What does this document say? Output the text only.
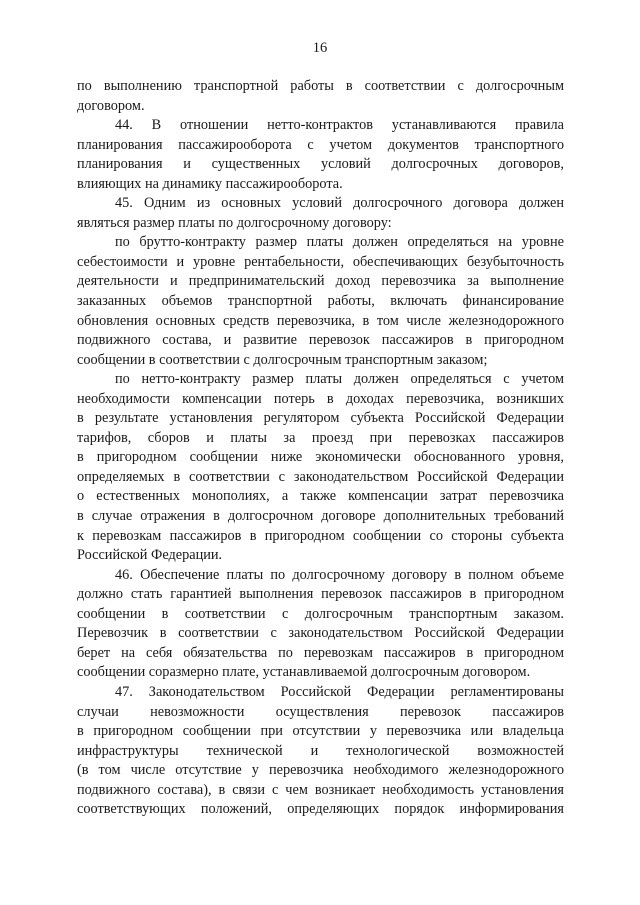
16
по выполнению транспортной работы в соответствии с долгосрочным
договором.
44. В отношении нетто-контрактов устанавливаются правила
планирования пассажирооборота с учетом документов транспортного
планирования и существенных условий долгосрочных договоров,
влияющих на динамику пассажирооборота.
45. Одним из основных условий долгосрочного договора должен
являться размер платы по долгосрочному договору:
по брутто-контракту размер платы должен определяться на уровне
себестоимости и уровне рентабельности, обеспечивающих безубыточность
деятельности и предпринимательский доход перевозчика за выполнение
заказанных объемов транспортной работы, включать финансирование
обновления основных средств перевозчика, в том числе железнодорожного
подвижного состава, и развитие перевозок пассажиров в пригородном
сообщении в соответствии с долгосрочным транспортным заказом;
по нетто-контракту размер платы должен определяться с учетом
необходимости компенсации потерь в доходах перевозчика, возникших
в результате установления регулятором субъекта Российской Федерации
тарифов, сборов и платы за проезд при перевозках пассажиров
в пригородном сообщении ниже экономически обоснованного уровня,
определяемых в соответствии с законодательством Российской Федерации
о естественных монополиях, а также компенсации затрат перевозчика
в случае отражения в долгосрочном договоре дополнительных требований
к перевозкам пассажиров в пригородном сообщении со стороны субъекта
Российской Федерации.
46. Обеспечение платы по долгосрочному договору в полном объеме
должно стать гарантией выполнения перевозок пассажиров в пригородном
сообщении в соответствии с долгосрочным транспортным заказом.
Перевозчик в соответствии с законодательством Российской Федерации
берет на себя обязательства по перевозкам пассажиров в пригородном
сообщении соразмерно плате, устанавливаемой долгосрочным договором.
47. Законодательством Российской Федерации регламентированы
случаи невозможности осуществления перевозок пассажиров
в пригородном сообщении при отсутствии у перевозчика или владельца
инфраструктуры технической и технологической возможностей
(в том числе отсутствие у перевозчика необходимого железнодорожного
подвижного состава), в связи с чем возникает необходимость установления
соответствующих положений, определяющих порядок информирования
